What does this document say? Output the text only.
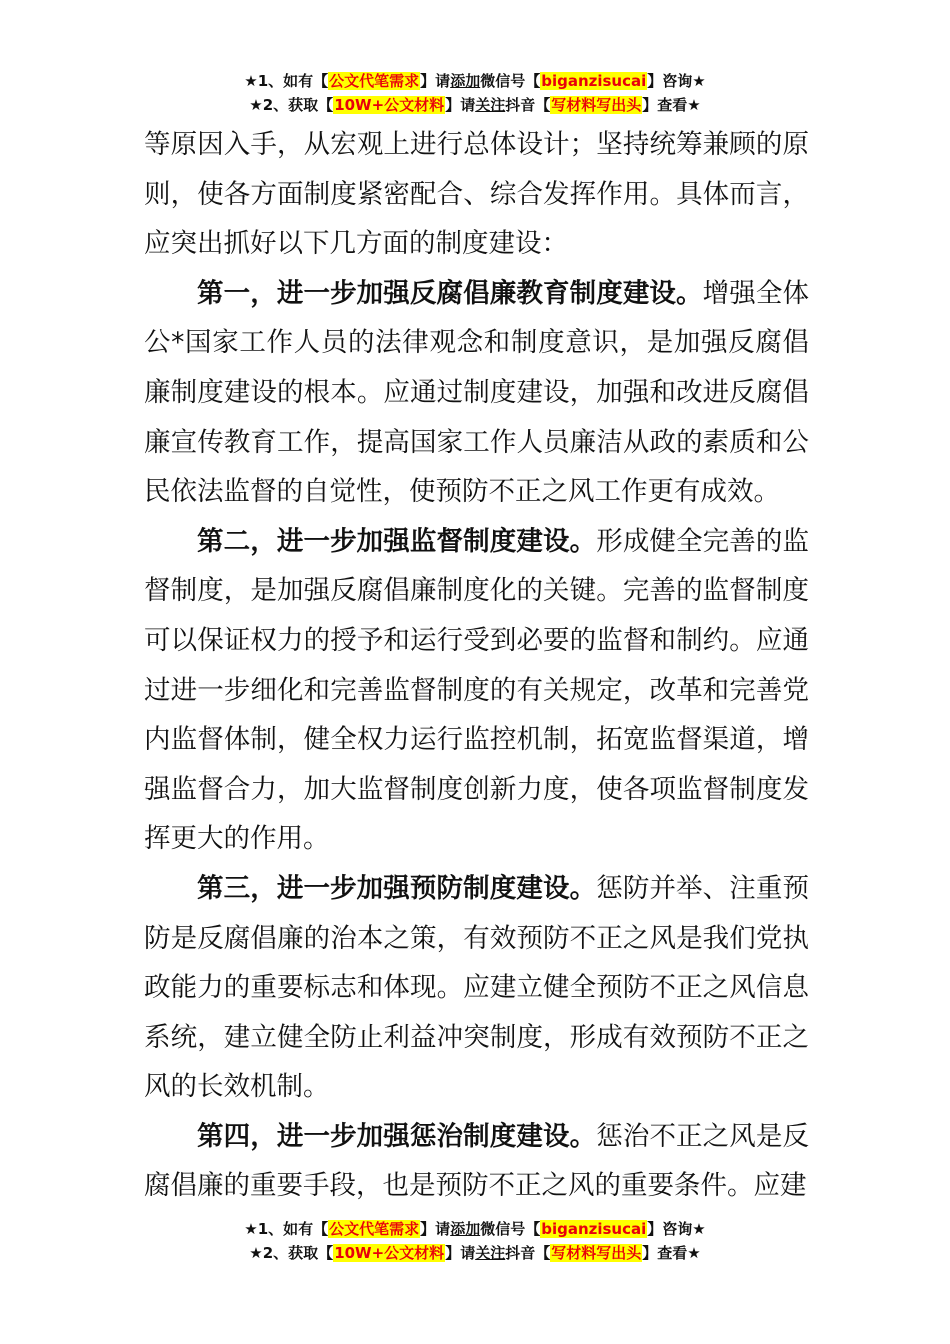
★1、如有【公文代笔需求】请添加微信号【biganzisucai】咨询★
★2、获取【10W+公文材料】请关注抖音【写材料写出头】查看★

等原因入手，从宏观上进行总体设计；坚持统筹兼顾的原则，使各方面制度紧密配合、综合发挥作用。具体而言，应突出抓好以下几方面的制度建设：

第一，进一步加强反腐倡廉教育制度建设。增强全体公*国家工作人员的法律观念和制度意识，是加强反腐倡廉制度建设的根本。应通过制度建设，加强和改进反腐倡廉宣传教育工作，提高国家工作人员廉洁从政的素质和公民依法监督的自觉性，使预防不正之风工作更有成效。

第二，进一步加强监督制度建设。形成健全完善的监督制度，是加强反腐倡廉制度化的关键。完善的监督制度可以保证权力的授予和运行受到必要的监督和制约。应通过进一步细化和完善监督制度的有关规定，改革和完善党内监督体制，健全权力运行监控机制，拓宽监督渠道，增强监督合力，加大监督制度创新力度，使各项监督制度发挥更大的作用。

第三，进一步加强预防制度建设。惩防并举、注重预防是反腐倡廉的治本之策，有效预防不正之风是我们党执政能力的重要标志和体现。应建立健全预防不正之风信息系统，建立健全防止利益冲突制度，形成有效预防不正之风的长效机制。

第四，进一步加强惩治制度建设。惩治不正之风是反腐倡廉的重要手段，也是预防不正之风的重要条件。应建

★1、如有【公文代笔需求】请添加微信号【biganzisucai】咨询★
★2、获取【10W+公文材料】请关注抖音【写材料写出头】查看★
